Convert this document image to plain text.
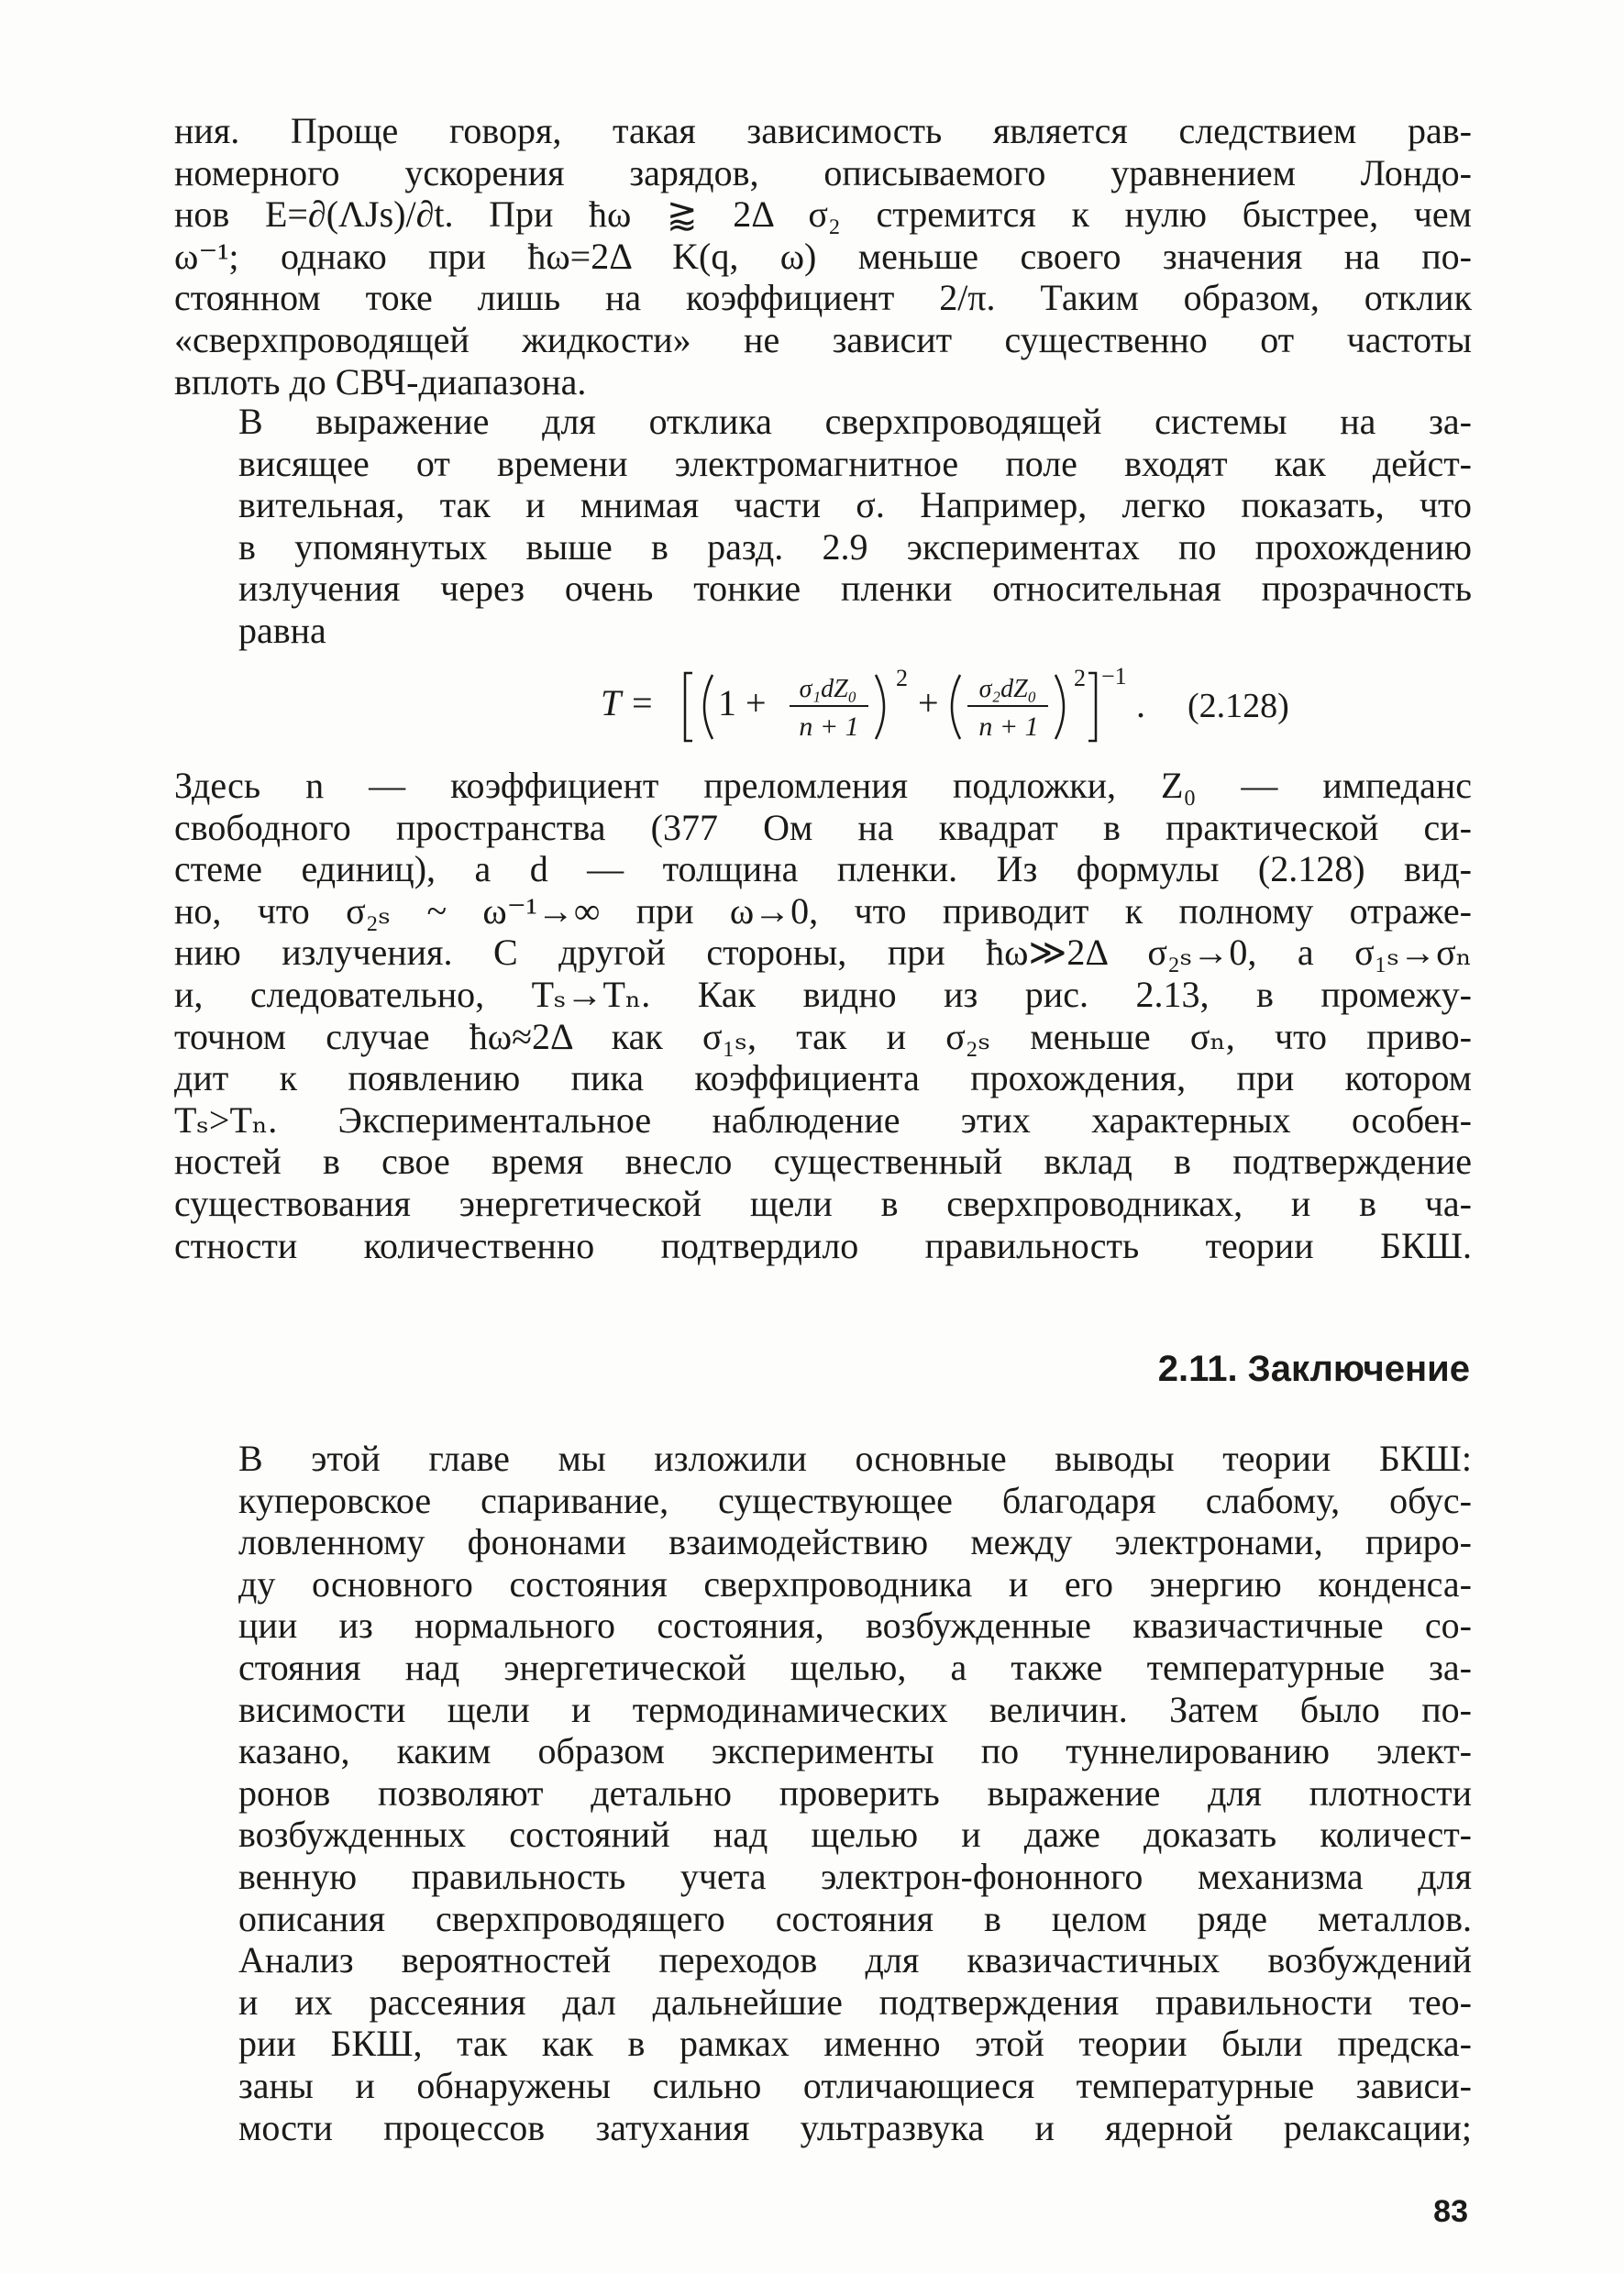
ния. Проще говоря, такая зависимость является следствием рав-
номерного ускорения зарядов, описываемого уравнением Лондо-
нов Е=∂(ΛJs)/∂t. При ħω ⪆ 2Δ σ₂ стремится к нулю быстрее, чем
ω⁻¹; однако при ħω=2Δ K(q, ω) меньше своего значения на по-
стоянном токе лишь на коэффициент 2/π. Таким образом, отклик
«сверхпроводящей жидкости» не зависит существенно от частоты
вплоть до СВЧ-диапазона.
В выражение для отклика сверхпроводящей системы на за-
висящее от времени электромагнитное поле входят как дейст-
вительная, так и мнимая части σ. Например, легко показать, что
в упомянутых выше в разд. 2.9 экспериментах по прохождению
излучения через очень тонкие пленки относительная прозрачность
равна
T = 1 + σ₁dZ₀
n + 1
2
+ σ₂dZ₀
n + 1
2 −1
. (2.128)
Здесь n — коэффициент преломления подложки, Z₀ — импеданс
свободного пространства (377 Ом на квадрат в практической си-
стеме единиц), а d — толщина пленки. Из формулы (2.128) вид-
но, что σ₂ₛ ~ ω⁻¹→∞ при ω→0, что приводит к полному отраже-
нию излучения. С другой стороны, при ħω≫2Δ σ₂ₛ→0, а σ₁ₛ→σₙ
и, следовательно, Tₛ→Tₙ. Как видно из рис. 2.13, в промежу-
точном случае ħω≈2Δ как σ₁ₛ, так и σ₂ₛ меньше σₙ, что приво-
дит к появлению пика коэффициента прохождения, при котором
Tₛ>Tₙ. Экспериментальное наблюдение этих характерных особен-
ностей в свое время внесло существенный вклад в подтверждение
существования энергетической щели в сверхпроводниках, и в ча-
стности количественно подтвердило правильность теории БКШ.
2.11. Заключение
В этой главе мы изложили основные выводы теории БКШ:
куперовское спаривание, существующее благодаря слабому, обус-
ловленному фононами взаимодействию между электронами, приро-
ду основного состояния сверхпроводника и его энергию конденса-
ции из нормального состояния, возбужденные квазичастичные со-
стояния над энергетической щелью, а также температурные за-
висимости щели и термодинамических величин. Затем было по-
казано, каким образом эксперименты по туннелированию элект-
ронов позволяют детально проверить выражение для плотности
возбужденных состояний над щелью и даже доказать количест-
венную правильность учета электрон-фононного механизма для
описания сверхпроводящего состояния в целом ряде металлов.
Анализ вероятностей переходов для квазичастичных возбуждений
и их рассеяния дал дальнейшие подтверждения правильности тео-
рии БКШ, так как в рамках именно этой теории были предска-
заны и обнаружены сильно отличающиеся температурные зависи-
мости процессов затухания ультразвука и ядерной релаксации;
83
